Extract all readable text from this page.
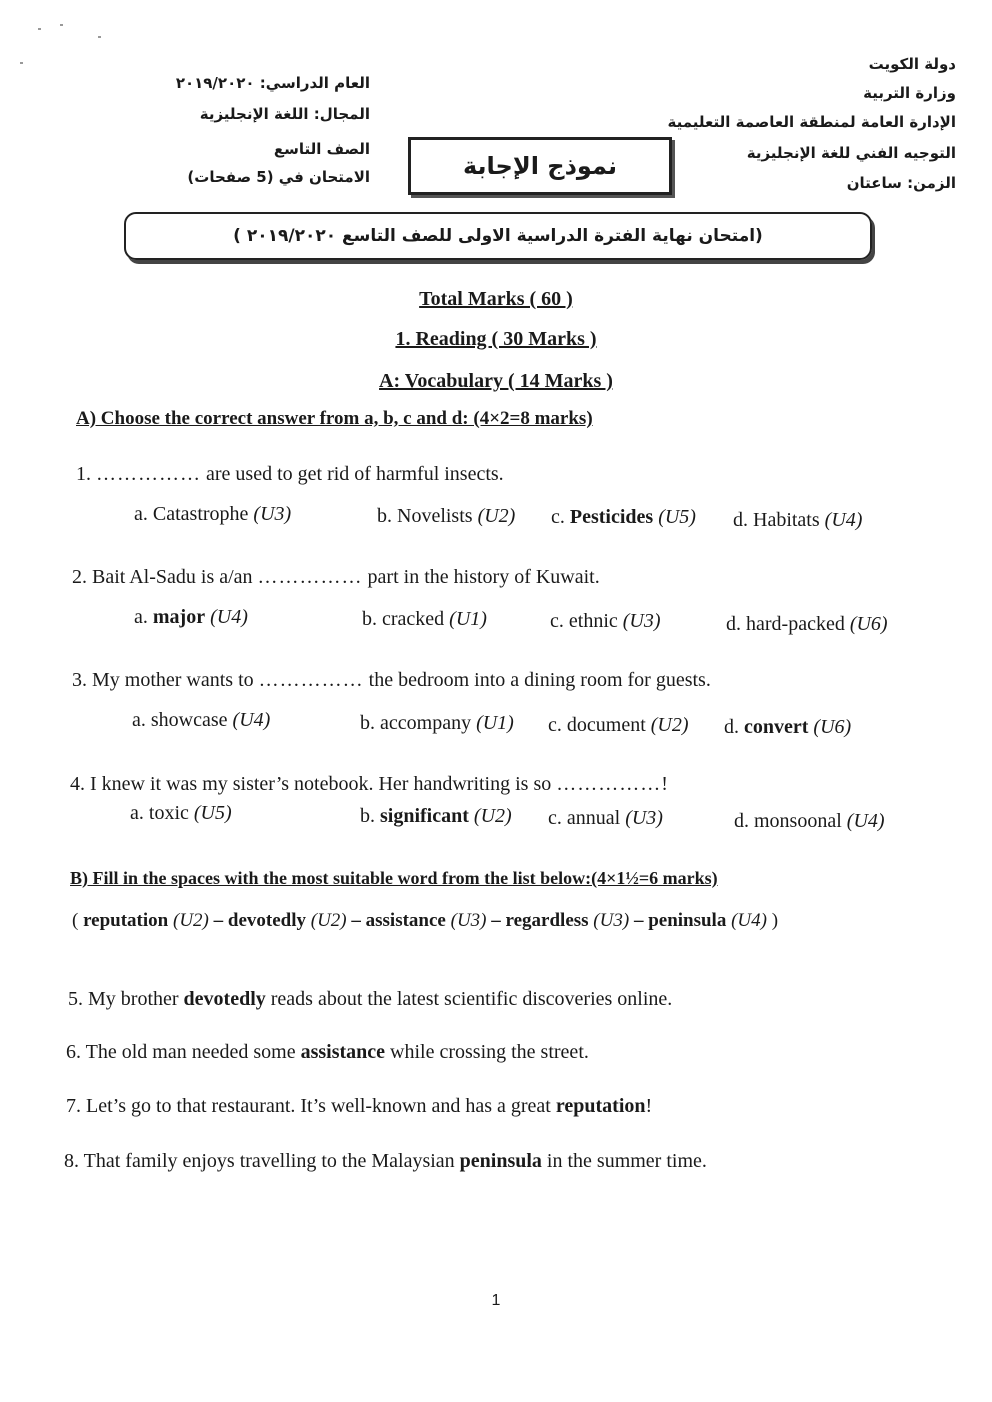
دولة الكويت
وزارة التربية
الإدارة العامة لمنطقة العاصمة التعليمية
التوجيه الفني للغة الإنجليزية
الزمن: ساعتان
العام الدراسي: ٢٠١٩/٢٠٢٠
المجال: اللغة الإنجليزية
الصف التاسع
الامتحان في (5 صفحات)	نموذج الإجابة
(امتحان نهاية الفترة الدراسية الاولى للصف التاسع ٢٠١٩/٢٠٢٠ )
Total Marks ( 60 )
1. Reading ( 30 Marks )
A: Vocabulary ( 14 Marks )
A) Choose the correct answer from a, b, c and d: (4×2=8 marks)
1. …………… are used to get rid of harmful insects.
a. Catastrophe (U3)	b. Novelists (U2) c. Pesticides (U5) d. Habitats (U4)
2. Bait Al-Sadu is a/an …………… part in the history of Kuwait.
a. major (U4)	b. cracked (U1)	c. ethnic (U3)	d. hard-packed (U6)
3. My mother wants to …………… the bedroom into a dining room for guests.
a. showcase (U4)	b. accompany (U1) c. document (U2) d. convert (U6)
4. I knew it was my sister’s notebook. Her handwriting is so ……………!
a. toxic (U5)	b. significant (U2) c. annual (U3)	d. monsoonal (U4)
B) Fill in the spaces with the most suitable word from the list below:(4×1½=6 marks)
( reputation (U2) – devotedly (U2) – assistance (U3) – regardless (U3) – peninsula (U4) )
5. My brother devotedly reads about the latest scientific discoveries online.
6. The old man needed some assistance while crossing the street.
7. Let’s go to that restaurant. It’s well-known and has a great reputation!
8. That family enjoys travelling to the Malaysian peninsula in the summer time.
1
